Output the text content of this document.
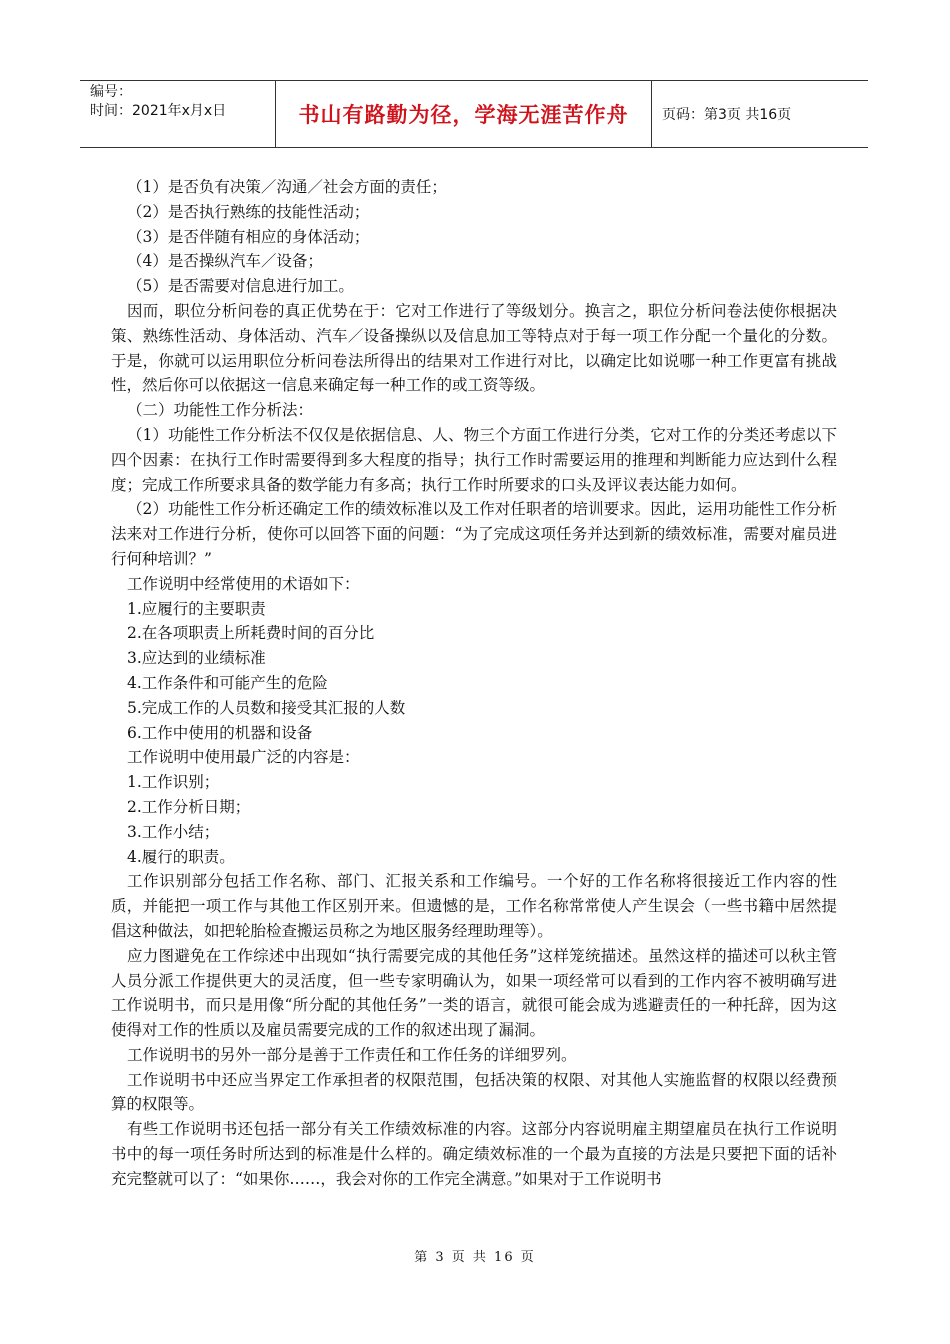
编号：
时间：2021年x月x日	书山有路勤为径，学海无涯苦作舟	页码：第3页 共16页

（1）是否负有决策／沟通／社会方面的责任；

（2）是否执行熟练的技能性活动；

（3）是否伴随有相应的身体活动；

（4）是否操纵汽车／设备；

（5）是否需要对信息进行加工。

因而，职位分析问卷的真正优势在于：它对工作进行了等级划分。换言之，职位分析问卷法使你根据决策、熟练性活动、身体活动、汽车／设备操纵以及信息加工等特点对于每一项工作分配一个量化的分数。于是，你就可以运用职位分析问卷法所得出的结果对工作进行对比，以确定比如说哪一种工作更富有挑战性，然后你可以依据这一信息来确定每一种工作的或工资等级。

（二）功能性工作分析法：

（1）功能性工作分析法不仅仅是依据信息、人、物三个方面工作进行分类，它对工作的分类还考虑以下四个因素：在执行工作时需要得到多大程度的指导；执行工作时需要运用的推理和判断能力应达到什么程度；完成工作所要求具备的数学能力有多高；执行工作时所要求的口头及评议表达能力如何。

（2）功能性工作分析还确定工作的绩效标准以及工作对任职者的培训要求。因此，运用功能性工作分析法来对工作进行分析，使你可以回答下面的问题：“为了完成这项任务并达到新的绩效标准，需要对雇员进行何种培训？”

工作说明中经常使用的术语如下：

1.应履行的主要职责

2.在各项职责上所耗费时间的百分比

3.应达到的业绩标准

4.工作条件和可能产生的危险

5.完成工作的人员数和接受其汇报的人数

6.工作中使用的机器和设备

工作说明中使用最广泛的内容是：

1.工作识别；

2.工作分析日期；

3.工作小结；

4.履行的职责。

工作识别部分包括工作名称、部门、汇报关系和工作编号。一个好的工作名称将很接近工作内容的性质，并能把一项工作与其他工作区别开来。但遗憾的是，工作名称常常使人产生误会（一些书籍中居然提倡这种做法，如把轮胎检查搬运员称之为地区服务经理助理等）。

应力图避免在工作综述中出现如“执行需要完成的其他任务”这样笼统描述。虽然这样的描述可以秋主管人员分派工作提供更大的灵活度，但一些专家明确认为，如果一项经常可以看到的工作内容不被明确写进工作说明书，而只是用像“所分配的其他任务”一类的语言，就很可能会成为逃避责任的一种托辞，因为这使得对工作的性质以及雇员需要完成的工作的叙述出现了漏洞。

工作说明书的另外一部分是善于工作责任和工作任务的详细罗列。

工作说明书中还应当界定工作承担者的权限范围，包括决策的权限、对其他人实施监督的权限以经费预算的权限等。

有些工作说明书还包括一部分有关工作绩效标准的内容。这部分内容说明雇主期望雇员在执行工作说明书中的每一项任务时所达到的标准是什么样的。确定绩效标准的一个最为直接的方法是只要把下面的话补充完整就可以了：“如果你……，我会对你的工作完全满意。”如果对于工作说明书

第 3 页 共 16 页
